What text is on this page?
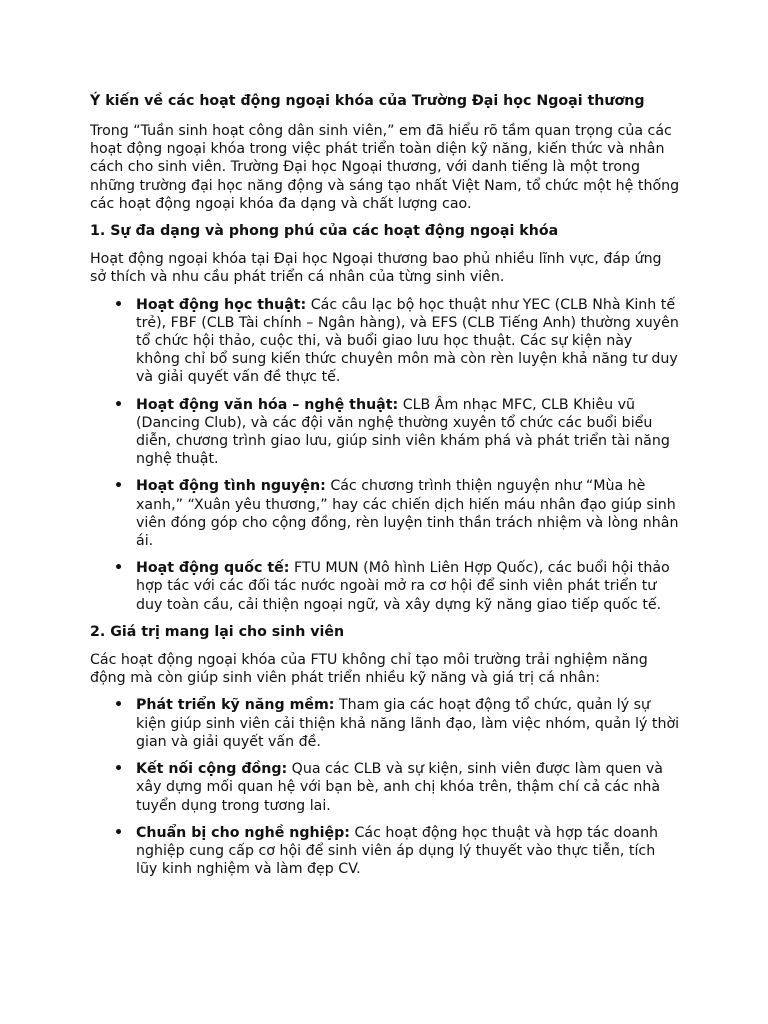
Ý kiến về các hoạt động ngoại khóa của Trường Đại học Ngoại thương

Trong “Tuần sinh hoạt công dân sinh viên,” em đã hiểu rõ tầm quan trọng của các hoạt động ngoại khóa trong việc phát triển toàn diện kỹ năng, kiến thức và nhân cách cho sinh viên. Trường Đại học Ngoại thương, với danh tiếng là một trong những trường đại học năng động và sáng tạo nhất Việt Nam, tổ chức một hệ thống các hoạt động ngoại khóa đa dạng và chất lượng cao.

1. Sự đa dạng và phong phú của các hoạt động ngoại khóa

Hoạt động ngoại khóa tại Đại học Ngoại thương bao phủ nhiều lĩnh vực, đáp ứng sở thích và nhu cầu phát triển cá nhân của từng sinh viên.

• Hoạt động học thuật: Các câu lạc bộ học thuật như YEC (CLB Nhà Kinh tế trẻ), FBF (CLB Tài chính – Ngân hàng), và EFS (CLB Tiếng Anh) thường xuyên tổ chức hội thảo, cuộc thi, và buổi giao lưu học thuật. Các sự kiện này không chỉ bổ sung kiến thức chuyên môn mà còn rèn luyện khả năng tư duy và giải quyết vấn đề thực tế.
• Hoạt động văn hóa – nghệ thuật: CLB Âm nhạc MFC, CLB Khiêu vũ (Dancing Club), và các đội văn nghệ thường xuyên tổ chức các buổi biểu diễn, chương trình giao lưu, giúp sinh viên khám phá và phát triển tài năng nghệ thuật.
• Hoạt động tình nguyện: Các chương trình thiện nguyện như “Mùa hè xanh,” “Xuân yêu thương,” hay các chiến dịch hiến máu nhân đạo giúp sinh viên đóng góp cho cộng đồng, rèn luyện tinh thần trách nhiệm và lòng nhân ái.
• Hoạt động quốc tế: FTU MUN (Mô hình Liên Hợp Quốc), các buổi hội thảo hợp tác với các đối tác nước ngoài mở ra cơ hội để sinh viên phát triển tư duy toàn cầu, cải thiện ngoại ngữ, và xây dựng kỹ năng giao tiếp quốc tế.
2. Giá trị mang lại cho sinh viên

Các hoạt động ngoại khóa của FTU không chỉ tạo môi trường trải nghiệm năng động mà còn giúp sinh viên phát triển nhiều kỹ năng và giá trị cá nhân:

• Phát triển kỹ năng mềm: Tham gia các hoạt động tổ chức, quản lý sự kiện giúp sinh viên cải thiện khả năng lãnh đạo, làm việc nhóm, quản lý thời gian và giải quyết vấn đề.
• Kết nối cộng đồng: Qua các CLB và sự kiện, sinh viên được làm quen và xây dựng mối quan hệ với bạn bè, anh chị khóa trên, thậm chí cả các nhà tuyển dụng trong tương lai.
• Chuẩn bị cho nghề nghiệp: Các hoạt động học thuật và hợp tác doanh nghiệp cung cấp cơ hội để sinh viên áp dụng lý thuyết vào thực tiễn, tích lũy kinh nghiệm và làm đẹp CV.
